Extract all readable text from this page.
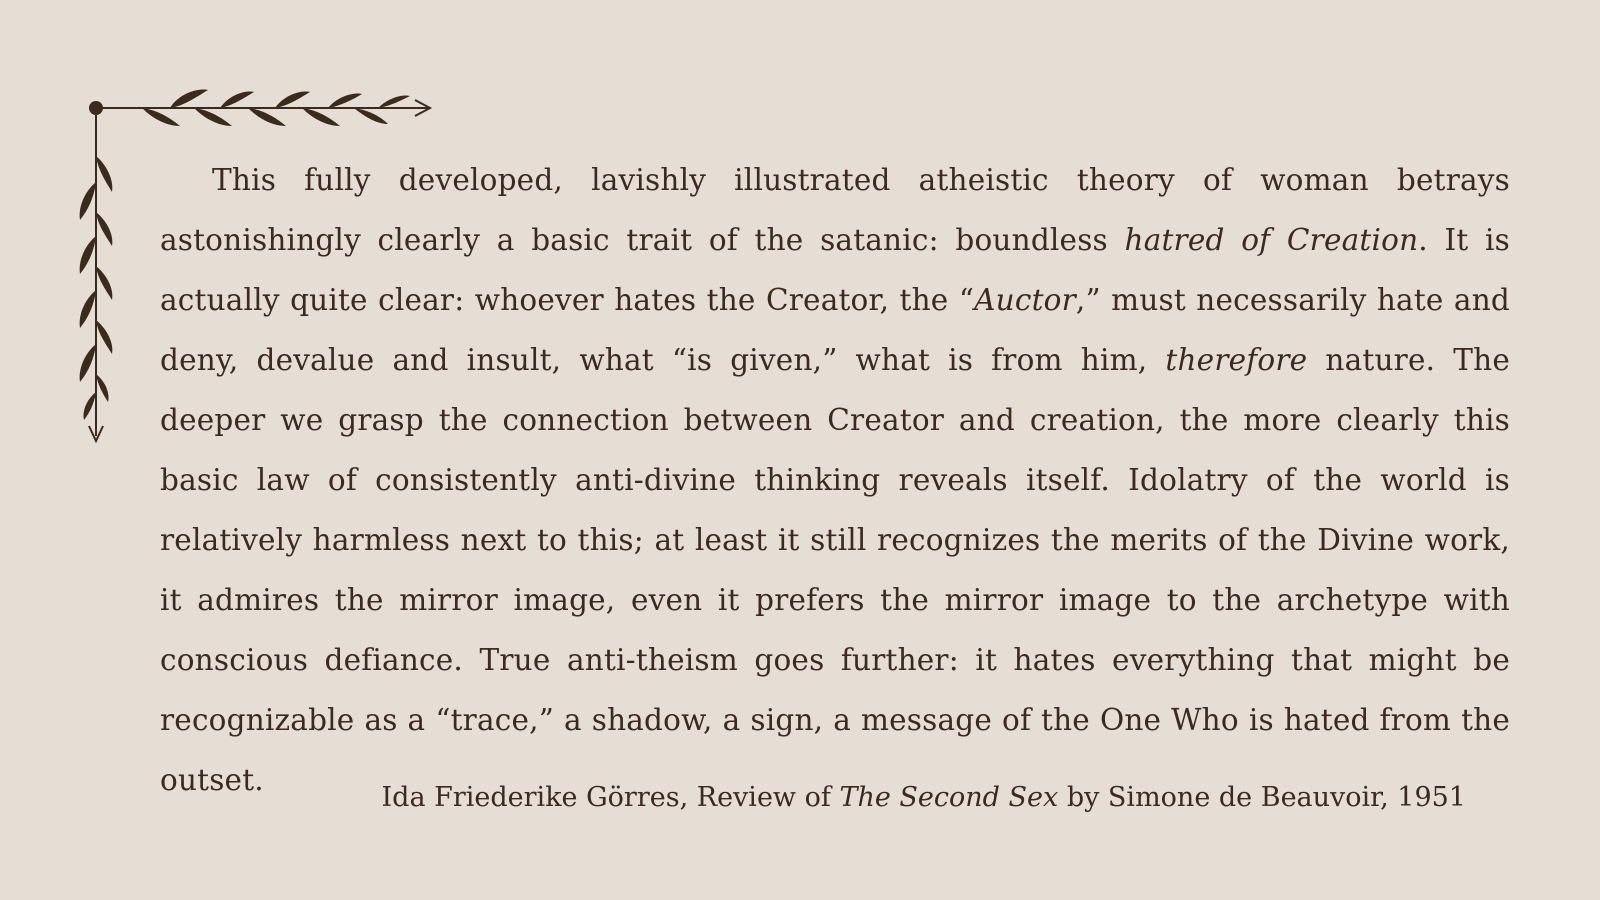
This fully developed, lavishly illustrated atheistic theory of woman betrays astonishingly clearly a basic trait of the satanic: boundless hatred of Creation. It is actually quite clear: whoever hates the Creator, the “Auctor,” must necessarily hate and deny, devalue and insult, what “is given,” what is from him, therefore nature. The deeper we grasp the connection between Creator and creation, the more clearly this basic law of consistently anti-divine thinking reveals itself. Idolatry of the world is relatively harmless next to this; at least it still recognizes the merits of the Divine work, it admires the mirror image, even it prefers the mirror image to the archetype with conscious defiance. True anti-theism goes further: it hates everything that might be recognizable as a “trace,” a shadow, a sign, a message of the One Who is hated from the outset.

Ida Friederike Görres, Review of The Second Sex by Simone de Beauvoir, 1951
